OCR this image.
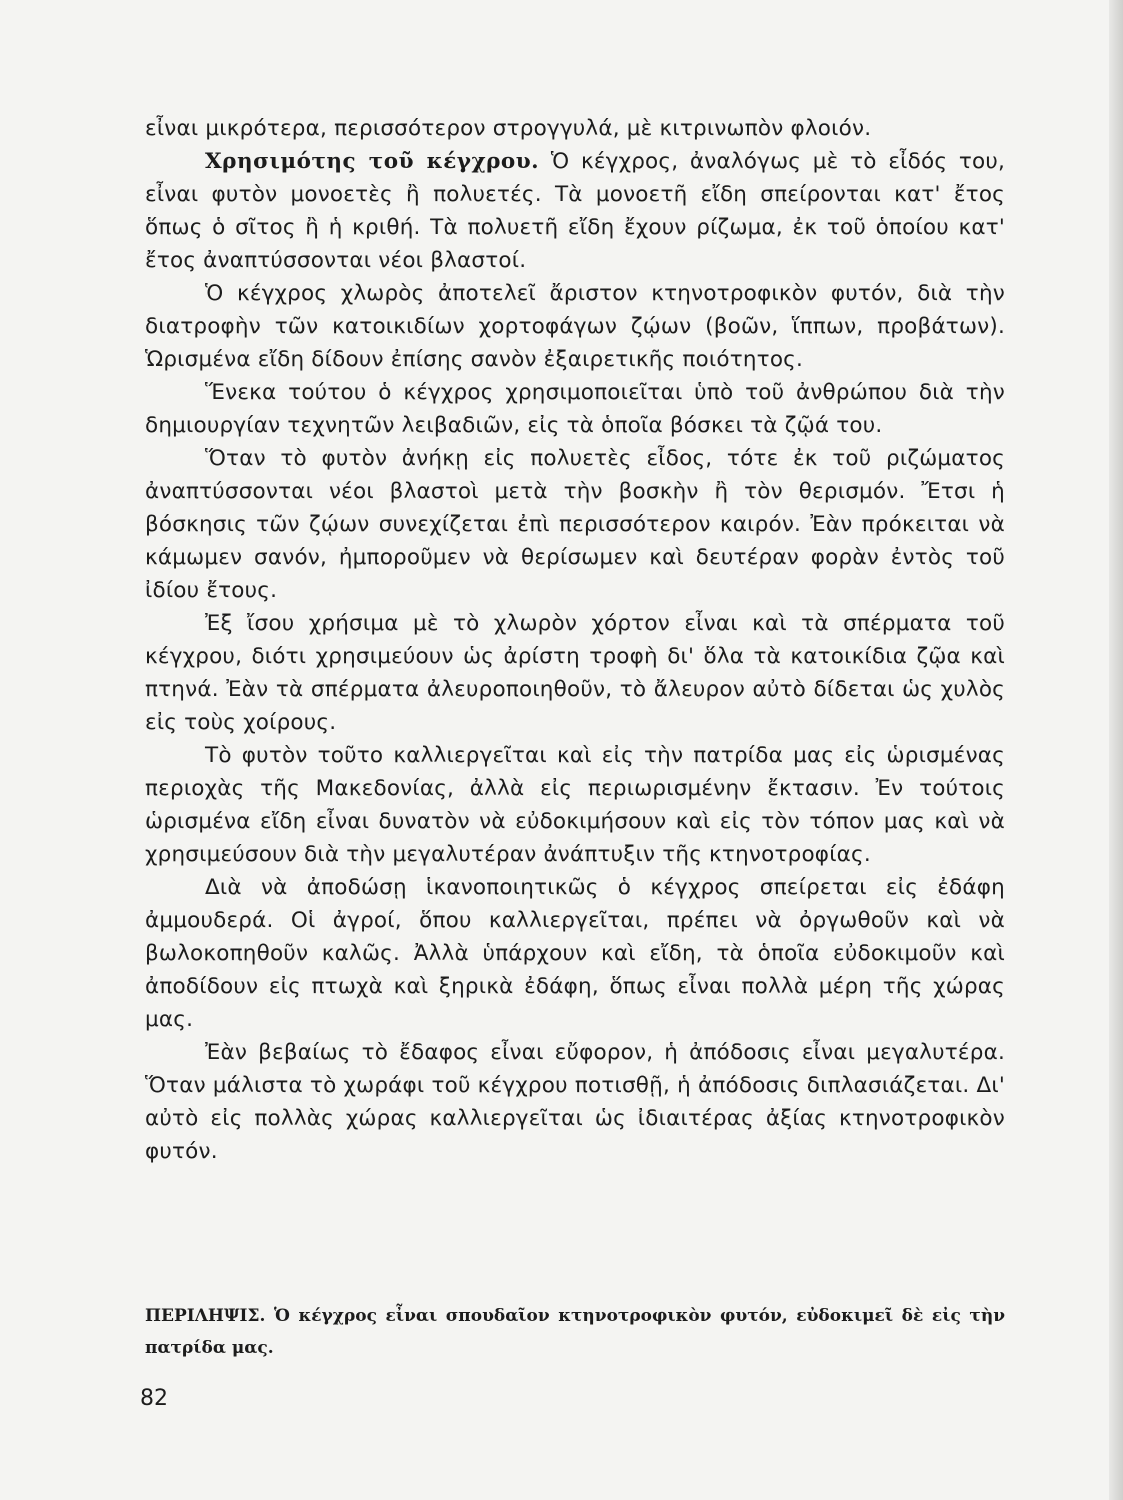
εἶναι μικρότερα, περισσότερον στρογγυλά, μὲ κιτρινωπὸν φλοιόν.

Χρησιμότης τοῦ κέγχρου. Ὁ κέγχρος, ἀναλόγως μὲ τὸ εἶδός του, εἶναι φυτὸν μονοετὲς ἢ πολυετές. Τὰ μονοετῆ εἴδη σπείρονται κατ' ἔτος ὅπως ὁ σῖτος ἢ ἡ κριθή. Τὰ πολυετῆ εἴδη ἔχουν ρίζωμα, ἐκ τοῦ ὁποίου κατ' ἔτος ἀναπτύσσονται νέοι βλαστοί.

Ὁ κέγχρος χλωρὸς ἀποτελεῖ ἄριστον κτηνοτροφικὸν φυτόν, διὰ τὴν διατροφὴν τῶν κατοικιδίων χορτοφάγων ζῴων (βοῶν, ἵππων, προβάτων). Ὡρισμένα εἴδη δίδουν ἐπίσης σανὸν ἐξαιρετικῆς ποιότητος.

Ἕνεκα τούτου ὁ κέγχρος χρησιμοποιεῖται ὑπὸ τοῦ ἀνθρώπου διὰ τὴν δημιουργίαν τεχνητῶν λειβαδιῶν, εἰς τὰ ὁποῖα βόσκει τὰ ζῷά του.

Ὅταν τὸ φυτὸν ἀνήκῃ εἰς πολυετὲς εἶδος, τότε ἐκ τοῦ ριζώματος ἀναπτύσσονται νέοι βλαστοὶ μετὰ τὴν βοσκὴν ἢ τὸν θερισμόν. Ἔτσι ἡ βόσκησις τῶν ζῴων συνεχίζεται ἐπὶ περισσότερον καιρόν. Ἐὰν πρόκειται νὰ κάμωμεν σανόν, ἠμποροῦμεν νὰ θερίσωμεν καὶ δευτέραν φορὰν ἐντὸς τοῦ ἰδίου ἔτους.

Ἐξ ἴσου χρήσιμα μὲ τὸ χλωρὸν χόρτον εἶναι καὶ τὰ σπέρματα τοῦ κέγχρου, διότι χρησιμεύουν ὡς ἀρίστη τροφὴ δι' ὅλα τὰ κατοικίδια ζῷα καὶ πτηνά. Ἐὰν τὰ σπέρματα ἀλευροποιηθοῦν, τὸ ἄλευρον αὐτὸ δίδεται ὡς χυλὸς εἰς τοὺς χοίρους.

Τὸ φυτὸν τοῦτο καλλιεργεῖται καὶ εἰς τὴν πατρίδα μας εἰς ὡρισμένας περιοχὰς τῆς Μακεδονίας, ἀλλὰ εἰς περιωρισμένην ἔκτασιν. Ἐν τούτοις ὡρισμένα εἴδη εἶναι δυνατὸν νὰ εὐδοκιμήσουν καὶ εἰς τὸν τόπον μας καὶ νὰ χρησιμεύσουν διὰ τὴν μεγαλυτέραν ἀνάπτυξιν τῆς κτηνοτροφίας.

Διὰ νὰ ἀποδώσῃ ἱκανοποιητικῶς ὁ κέγχρος σπείρεται εἰς ἐδάφη ἀμμουδερά. Οἱ ἀγροί, ὅπου καλλιεργεῖται, πρέπει νὰ ὀργωθοῦν καὶ νὰ βωλοκοπηθοῦν καλῶς. Ἀλλὰ ὑπάρχουν καὶ εἴδη, τὰ ὁποῖα εὐδοκιμοῦν καὶ ἀποδίδουν εἰς πτωχὰ καὶ ξηρικὰ ἐδάφη, ὅπως εἶναι πολλὰ μέρη τῆς χώρας μας.

Ἐὰν βεβαίως τὸ ἔδαφος εἶναι εὔφορον, ἡ ἀπόδοσις εἶναι μεγαλυτέρα. Ὅταν μάλιστα τὸ χωράφι τοῦ κέγχρου ποτισθῇ, ἡ ἀπόδοσις διπλασιάζεται. Δι' αὐτὸ εἰς πολλὰς χώρας καλλιεργεῖται ὡς ἰδιαιτέρας ἀξίας κτηνοτροφικὸν φυτόν.

ΠΕΡΙΛΗΨΙΣ. Ὁ κέγχρος εἶναι σπουδαῖον κτηνοτροφικὸν φυτόν, εὐδοκιμεῖ δὲ εἰς τὴν πατρίδα μας.

82
